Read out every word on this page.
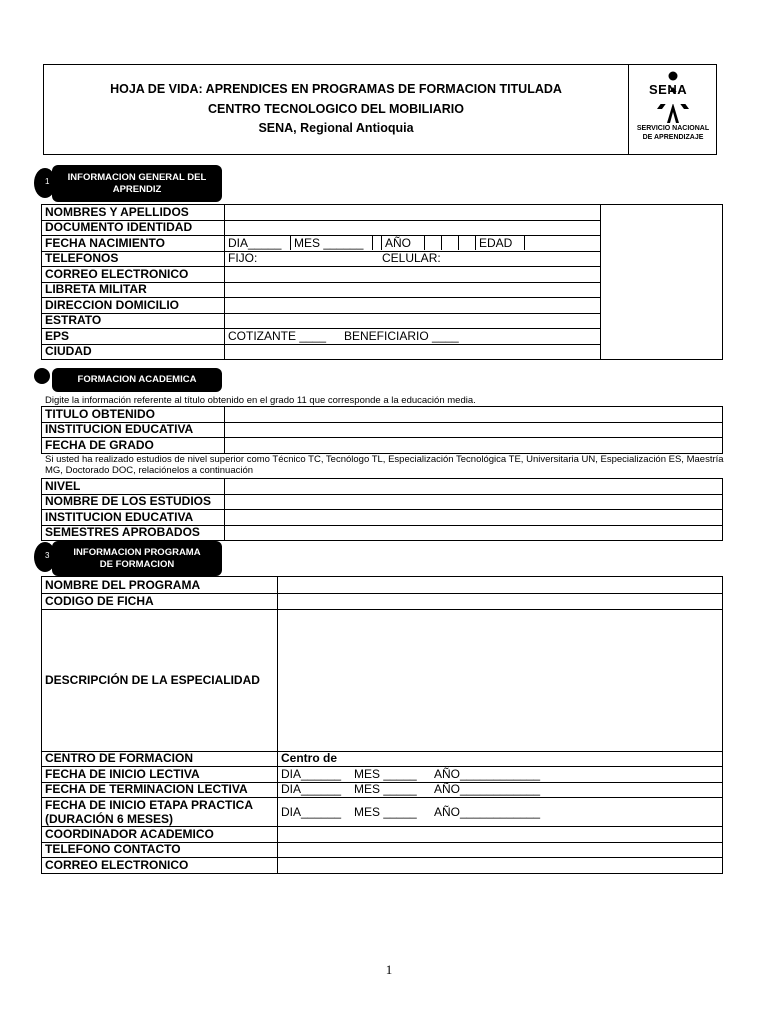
HOJA DE VIDA: APRENDICES EN PROGRAMAS DE FORMACION TITULADA
CENTRO TECNOLOGICO DEL MOBILIARIO
SENA, Regional Antioquia
SENA
SERVICIO NACIONAL
DE APRENDIZAJE
1	INFORMACION GENERAL DEL APRENDIZ
NOMBRES Y APELLIDOS		
DOCUMENTO IDENTIDAD		
FECHA NACIMIENTO	DIA_____ MES ______ AÑO EDAD	

TELEFONOS	FIJO: CELULAR:	
CORREO ELECTRONICO		
LIBRETA MILITAR		
DIRECCION DOMICILIO		
ESTRATO		
EPS	COTIZANTE ____ BENEFICIARIO ____	
CIUDAD		
FORMACION ACADEMICA
Digite la información referente al título obtenido en el grado 11 que corresponde a la educación media.
TITULO OBTENIDO	
INSTITUCION EDUCATIVA	
FECHA DE GRADO	
Si usted ha realizado estudios de nivel superior como Técnico TC, Tecnólogo TL, Especialización Tecnológica TE, Universitaria UN, Especialización ES, Maestría MG, Doctorado DOC, relaciónelos a continuación
NIVEL	
NOMBRE DE LOS ESTUDIOS	
INSTITUCION EDUCATIVA	
SEMESTRES APROBADOS	
3	INFORMACION PROGRAMA DE FORMACION
NOMBRE DEL PROGRAMA	
CODIGO DE FICHA	
DESCRIPCIÓN DE LA ESPECIALIDAD	
CENTRO DE FORMACION	Centro de
FECHA DE INICIO LECTIVA	DIA______ MES _____ AÑO____________
FECHA DE TERMINACION LECTIVA	DIA______ MES _____ AÑO____________
FECHA DE INICIO ETAPA PRACTICA (DURACIÓN 6 MESES)	DIA______ MES _____ AÑO____________
COORDINADOR ACADEMICO	
TELEFONO CONTACTO	
CORREO ELECTRONICO	
1
